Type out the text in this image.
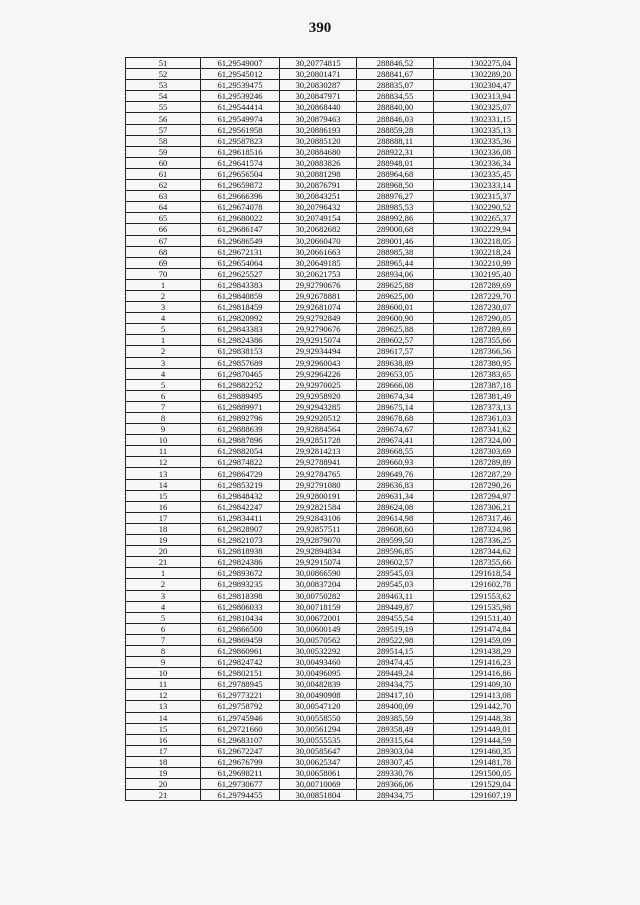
390
51	61,29549007	30,20774815	288846,52	1302275,04
52	61,29545012	30,20801471	288841,67	1302289,20
53	61,29539475	30,20830287	288835,07	1302304,47
54	61,29539246	30,20847971	288834,55	1302313,94
55	61,29544414	30,20868440	288840,00	1302325,07
56	61,29549974	30,20879463	288846,03	1302331,15
57	61,29561958	30,20886193	288859,28	1302335,13
58	61,29587823	30,20885120	288888,11	1302335,36
59	61,29618516	30,20884680	288922,31	1302336,08
60	61,29641574	30,20883826	288948,01	1302336,34
61	61,29656504	30,20881298	288964,68	1302335,45
62	61,29659872	30,20876791	288968,50	1302333,14
63	61,29666396	30,20843251	288976,27	1302315,37
64	61,29674078	30,20796432	288985,53	1302290,52
65	61,29680022	30,20749154	288992,86	1302265,37
66	61,29686147	30,20682682	289000,68	1302229,94
67	61,29686549	30,20660470	289001,46	1302218,05
68	61,29672131	30,20661663	288985,38	1302218,24
69	61,29654064	30,20649185	288965,44	1302210,99
70	61,29625527	30,20621753	288934,06	1302195,40
1	61,29843383	29,92790676	289625,88	1287289,69
2	61,29840859	29,92678881	289625,00	1287229,70
3	61,29818459	29,92681074	289600,01	1287230,07
4	61,29820992	29,92792849	289600,90	1287290,05
5	61,29843383	29,92790676	289625,88	1287289,69
1	61,29824386	29,92915074	289602,57	1287355,66
2	61,29838153	29,92934494	289617,57	1287366,56
3	61,29857689	29,92960043	289638,89	1287380,95
4	61,29870465	29,92964226	289653,05	1287383,65
5	61,29882252	29,92970025	289666,08	1287387,18
6	61,29889495	29,92958920	289674,34	1287381,49
7	61,29889971	29,92943285	289675,14	1287373,13
8	61,29892796	29,92920512	289678,68	1287361,03
9	61,29888639	29,92884564	289674,67	1287341,62
10	61,29887896	29,92851728	289674,41	1287324,00
11	61,29882054	29,92814213	289668,55	1287303,69
12	61,29874822	29,92788941	289660,93	1287289,89
13	61,29864729	29,92784765	289649,76	1287287,29
14	61,29853219	29,92791080	289636,83	1287290,26
15	61,29848432	29,92800191	289631,34	1287294,97
16	61,29842247	29,92821584	289624,08	1287306,21
17	61,29834411	29,92843106	289614,98	1287317,46
18	61,29828907	29,92857511	289608,60	1287324,98
19	61,29821073	29,92879070	289599,50	1287336,25
20	61,29818938	29,92894834	289596,85	1287344,62
21	61,29824386	29,92915074	289602,57	1287355,66
1	61,29893672	30,00866590	289545,03	1291618,54
2	61,29893235	30,00837204	289545,03	1291602,78
3	61,29818398	30,00750282	289463,11	1291553,62
4	61,29806033	30,00718159	289449,87	1291535,98
5	61,29810434	30,00672001	289455,54	1291511,40
6	61,29866500	30,00600149	289519,19	1291474,84
7	61,29869459	30,00570562	289522,98	1291459,09
8	61,29860961	30,00532292	289514,15	1291438,29
9	61,29824742	30,00493460	289474,45	1291416,23
10	61,29802151	30,00496095	289449,24	1291416,86
11	61,29788945	30,00482839	289434,75	1291409,30
12	61,29773221	30,00490908	289417,10	1291413,08
13	61,29758792	30,00547120	289400,09	1291442,70
14	61,29745946	30,00558550	289385,59	1291448,38
15	61,29721660	30,00561294	289358,49	1291449,01
16	61,29683107	30,00555535	289315,64	1291444,59
17	61,29672247	30,00585647	289303,04	1291460,35
18	61,29676799	30,00625347	289307,45	1291481,78
19	61,29698211	30,00658061	289330,76	1291500,05
20	61,29730677	30,00710069	289366,06	1291529,04
21	61,29794455	30,00851804	289434,75	1291607,19
